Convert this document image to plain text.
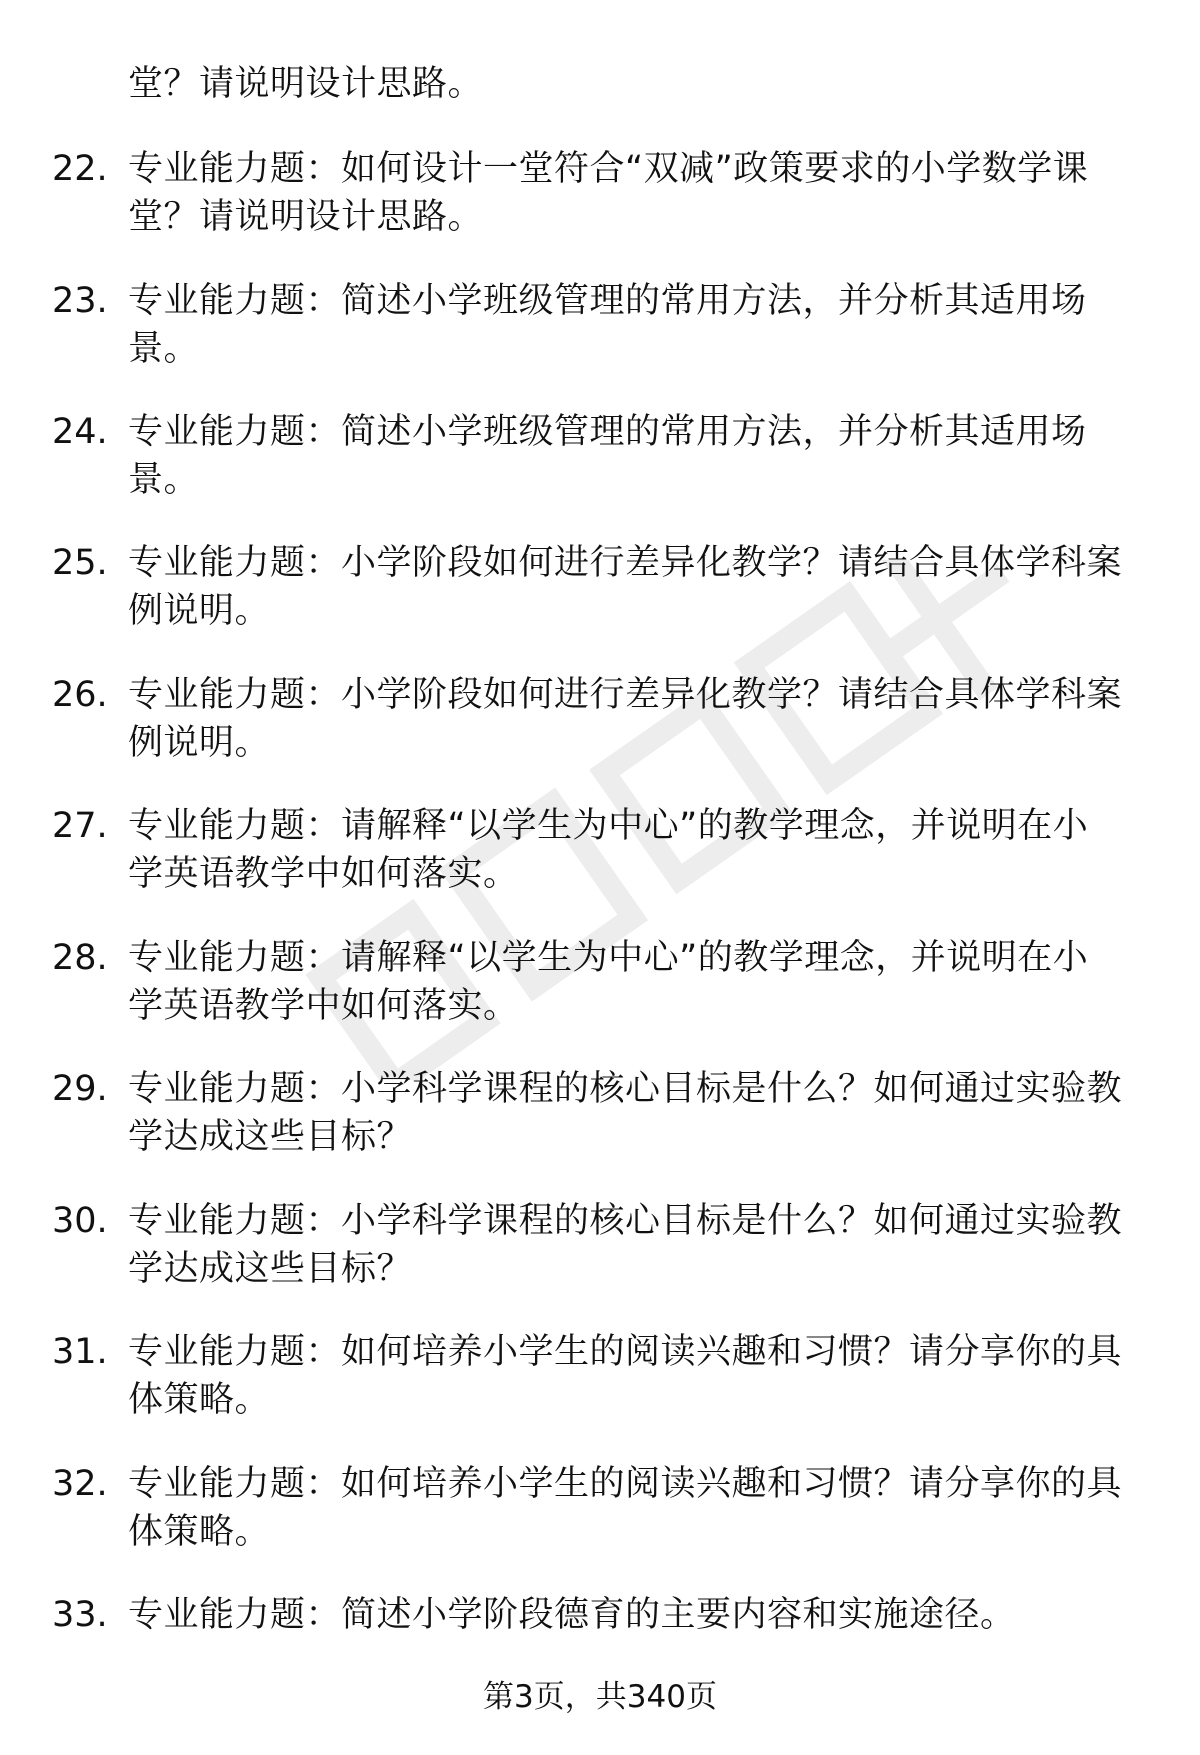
堂？请说明设计思路。
22. 专业能力题：如何设计一堂符合“双减”政策要求的小学数学课
堂？请说明设计思路。
23. 专业能力题：简述小学班级管理的常用方法，并分析其适用场
景。
24. 专业能力题：简述小学班级管理的常用方法，并分析其适用场
景。
25. 专业能力题：小学阶段如何进行差异化教学？请结合具体学科案
例说明。
26. 专业能力题：小学阶段如何进行差异化教学？请结合具体学科案
例说明。
27. 专业能力题：请解释“以学生为中心”的教学理念，并说明在小
学英语教学中如何落实。
28. 专业能力题：请解释“以学生为中心”的教学理念，并说明在小
学英语教学中如何落实。
29. 专业能力题：小学科学课程的核心目标是什么？如何通过实验教
学达成这些目标？
30. 专业能力题：小学科学课程的核心目标是什么？如何通过实验教
学达成这些目标？
31. 专业能力题：如何培养小学生的阅读兴趣和习惯？请分享你的具
体策略。
32. 专业能力题：如何培养小学生的阅读兴趣和习惯？请分享你的具
体策略。
33. 专业能力题：简述小学阶段德育的主要内容和实施途径。
第3页，共340页
